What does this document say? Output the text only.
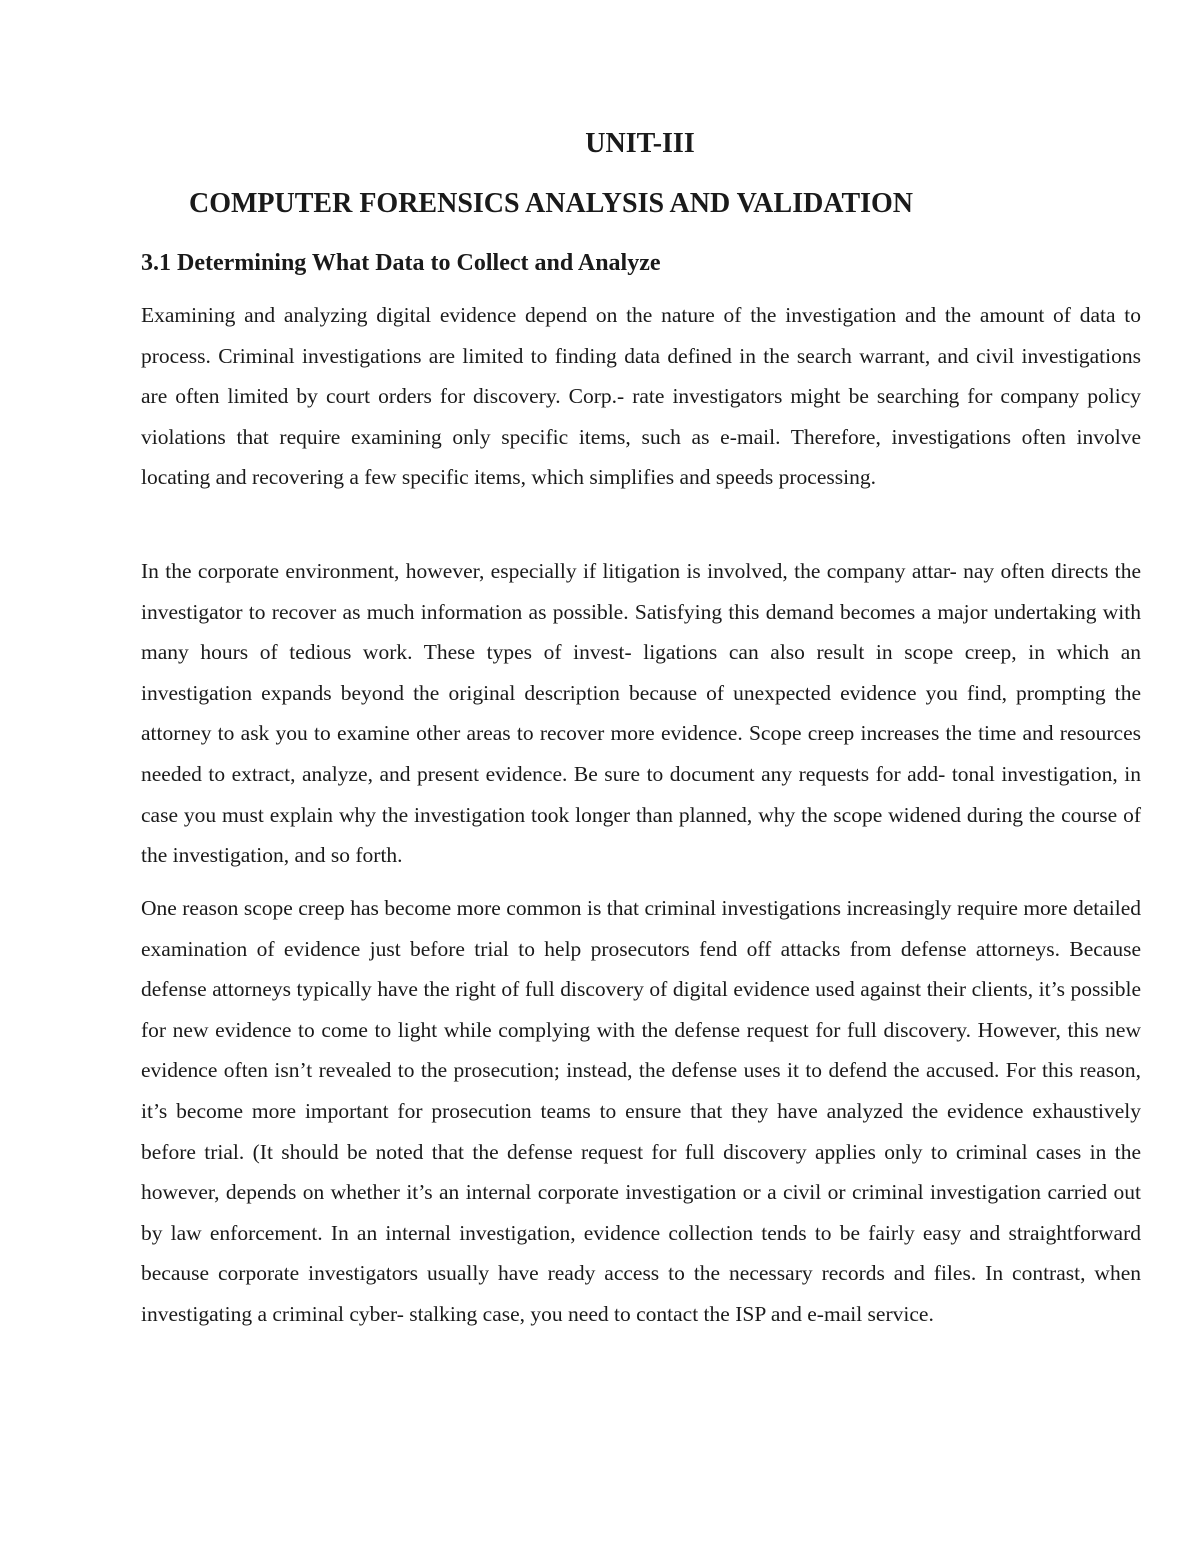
UNIT-III
COMPUTER FORENSICS ANALYSIS AND VALIDATION
3.1 Determining What Data to Collect and Analyze

Examining and analyzing digital evidence depend on the nature of the investigation and the amount of data to process. Criminal investigations are limited to finding data defined in the search warrant, and civil investigations are often limited by court orders for discovery. Corp.- rate investigators might be searching for company policy violations that require examining only specific items, such as e-mail. Therefore, investigations often involve locating and recovering a few specific items, which simplifies and speeds processing.

In the corporate environment, however, especially if litigation is involved, the company attar- nay often directs the investigator to recover as much information as possible. Satisfying this demand becomes a major undertaking with many hours of tedious work. These types of invest- ligations can also result in scope creep, in which an investigation expands beyond the original description because of unexpected evidence you find, prompting the attorney to ask you to examine other areas to recover more evidence. Scope creep increases the time and resources needed to extract, analyze, and present evidence. Be sure to document any requests for add- tonal investigation, in case you must explain why the investigation took longer than planned, why the scope widened during the course of the investigation, and so forth.

One reason scope creep has become more common is that criminal investigations increasingly require more detailed examination of evidence just before trial to help prosecutors fend off attacks from defense attorneys. Because defense attorneys typically have the right of full discovery of digital evidence used against their clients, it’s possible for new evidence to come to light while complying with the defense request for full discovery. However, this new evidence often isn’t revealed to the prosecution; instead, the defense uses it to defend the accused. For this reason, it’s become more important for prosecution teams to ensure that they have analyzed the evidence exhaustively before trial. (It should be noted that the defense request for full discovery applies only to criminal cases in the however, depends on whether it’s an internal corporate investigation or a civil or criminal investigation carried out by law enforcement. In an internal investigation, evidence collection tends to be fairly easy and straightforward because corporate investigators usually have ready access to the necessary records and files. In contrast, when investigating a criminal cyber- stalking case, you need to contact the ISP and e-mail service.
